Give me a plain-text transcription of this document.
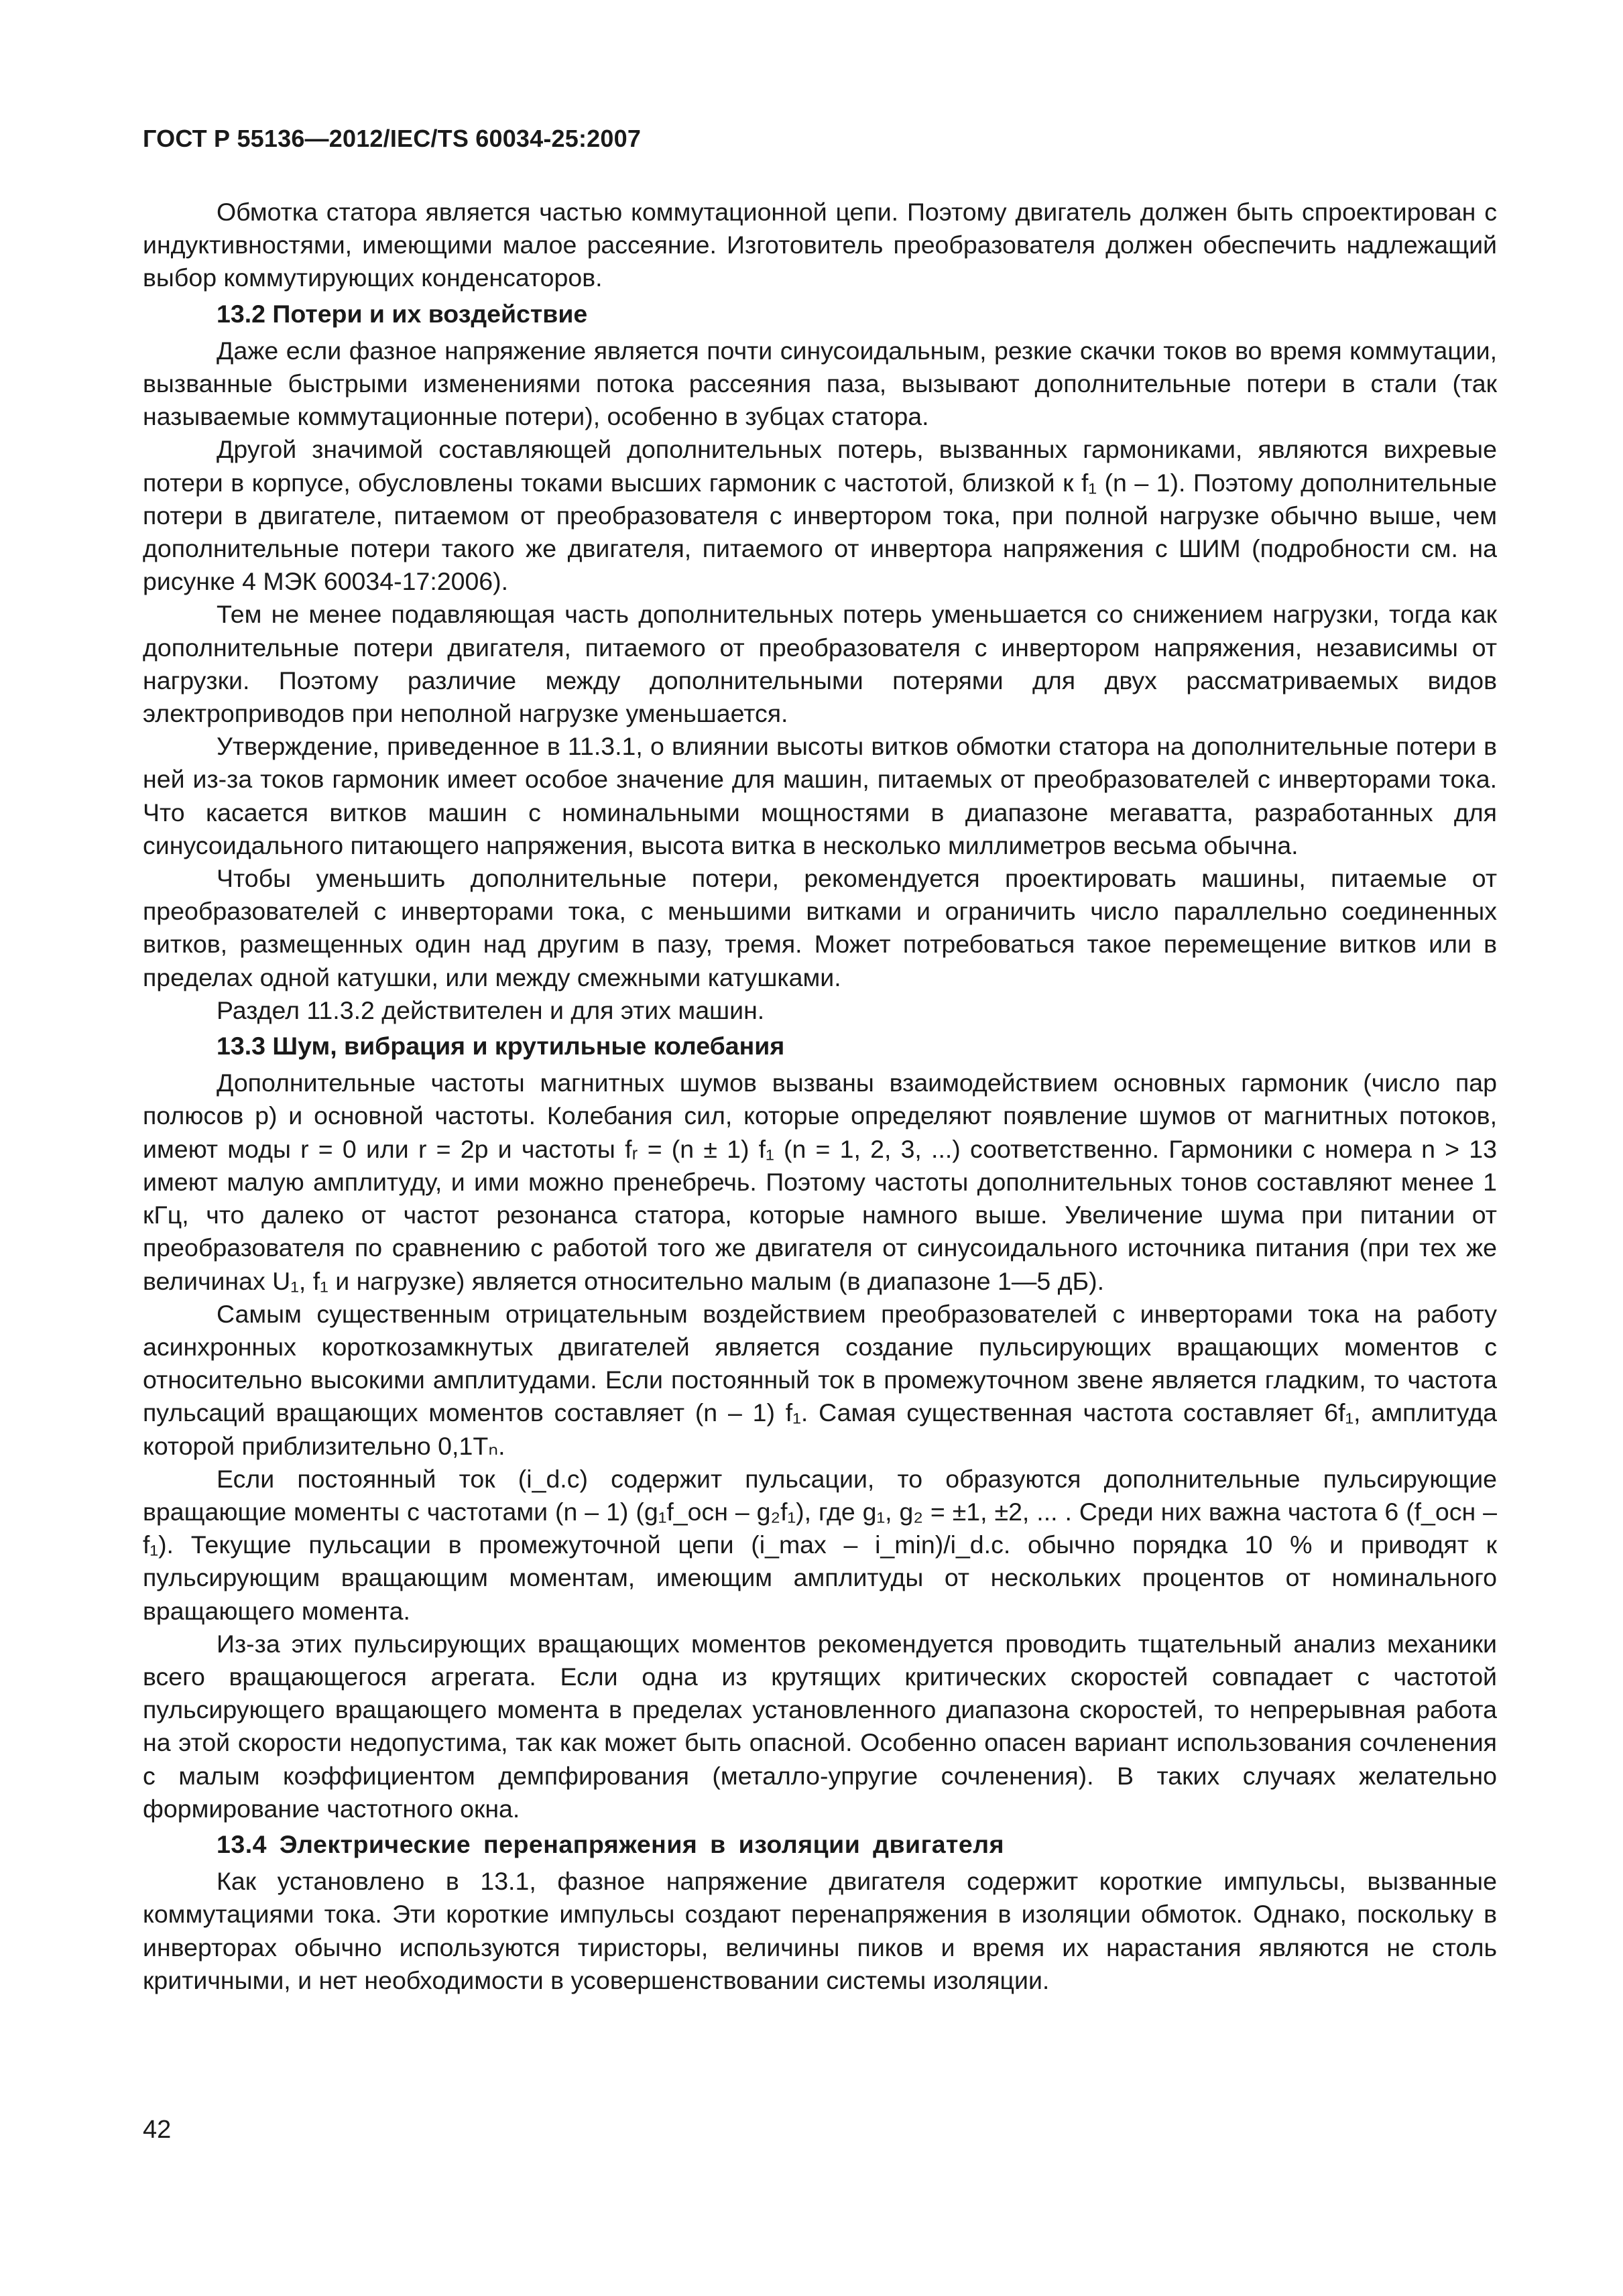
ГОСТ Р 55136—2012/IEC/TS 60034-25:2007

Обмотка статора является частью коммутационной цепи. Поэтому двигатель должен быть спроектирован с индуктивностями, имеющими малое рассеяние. Изготовитель преобразователя должен обеспечить надлежащий выбор коммутирующих конденсаторов.

13.2 Потери и их воздействие

Даже если фазное напряжение является почти синусоидальным, резкие скачки токов во время коммутации, вызванные быстрыми изменениями потока рассеяния паза, вызывают дополнительные потери в стали (так называемые коммутационные потери), особенно в зубцах статора.

Другой значимой составляющей дополнительных потерь, вызванных гармониками, являются вихревые потери в корпусе, обусловлены токами высших гармоник с частотой, близкой к f₁ (n – 1). Поэтому дополнительные потери в двигателе, питаемом от преобразователя с инвертором тока, при полной нагрузке обычно выше, чем дополнительные потери такого же двигателя, питаемого от инвертора напряжения с ШИМ (подробности см. на рисунке 4 МЭК 60034-17:2006).

Тем не менее подавляющая часть дополнительных потерь уменьшается со снижением нагрузки, тогда как дополнительные потери двигателя, питаемого от преобразователя с инвертором напряжения, независимы от нагрузки. Поэтому различие между дополнительными потерями для двух рассматриваемых видов электроприводов при неполной нагрузке уменьшается.

Утверждение, приведенное в 11.3.1, о влиянии высоты витков обмотки статора на дополнительные потери в ней из-за токов гармоник имеет особое значение для машин, питаемых от преобразователей с инверторами тока. Что касается витков машин с номинальными мощностями в диапазоне мегаватта, разработанных для синусоидального питающего напряжения, высота витка в несколько миллиметров весьма обычна.

Чтобы уменьшить дополнительные потери, рекомендуется проектировать машины, питаемые от преобразователей с инверторами тока, с меньшими витками и ограничить число параллельно соединенных витков, размещенных один над другим в пазу, тремя. Может потребоваться такое перемещение витков или в пределах одной катушки, или между смежными катушками.

Раздел 11.3.2 действителен и для этих машин.

13.3 Шум, вибрация и крутильные колебания

Дополнительные частоты магнитных шумов вызваны взаимодействием основных гармоник (число пар полюсов p) и основной частоты. Колебания сил, которые определяют появление шумов от магнитных потоков, имеют моды r = 0 или r = 2p и частоты fᵣ = (n ± 1) f₁ (n = 1, 2, 3, ...) соответственно. Гармоники с номера n > 13 имеют малую амплитуду, и ими можно пренебречь. Поэтому частоты дополнительных тонов составляют менее 1 кГц, что далеко от частот резонанса статора, которые намного выше. Увеличение шума при питании от преобразователя по сравнению с работой того же двигателя от синусоидального источника питания (при тех же величинах U₁, f₁ и нагрузке) является относительно малым (в диапазоне 1—5 дБ).

Самым существенным отрицательным воздействием преобразователей с инверторами тока на работу асинхронных короткозамкнутых двигателей является создание пульсирующих вращающих моментов с относительно высокими амплитудами. Если постоянный ток в промежуточном звене является гладким, то частота пульсаций вращающих моментов составляет (n – 1) f₁. Самая существенная частота составляет 6f₁, амплитуда которой приблизительно 0,1Tₙ.

Если постоянный ток (i_d.c) содержит пульсации, то образуются дополнительные пульсирующие вращающие моменты с частотами (n – 1) (g₁f_осн – g₂f₁), где g₁, g₂ = ±1, ±2, ... . Среди них важна частота 6 (f_осн – f₁). Текущие пульсации в промежуточной цепи (i_max – i_min)/i_d.c. обычно порядка 10 % и приводят к пульсирующим вращающим моментам, имеющим амплитуды от нескольких процентов от номинального вращающего момента.

Из-за этих пульсирующих вращающих моментов рекомендуется проводить тщательный анализ механики всего вращающегося агрегата. Если одна из крутящих критических скоростей совпадает с частотой пульсирующего вращающего момента в пределах установленного диапазона скоростей, то непрерывная работа на этой скорости недопустима, так как может быть опасной. Особенно опасен вариант использования сочленения с малым коэффициентом демпфирования (металло-упругие сочленения). В таких случаях желательно формирование частотного окна.

13.4 Электрические перенапряжения в изоляции двигателя

Как установлено в 13.1, фазное напряжение двигателя содержит короткие импульсы, вызванные коммутациями тока. Эти короткие импульсы создают перенапряжения в изоляции обмоток. Однако, поскольку в инверторах обычно используются тиристоры, величины пиков и время их нарастания являются не столь критичными, и нет необходимости в усовершенствовании системы изоляции.

42
